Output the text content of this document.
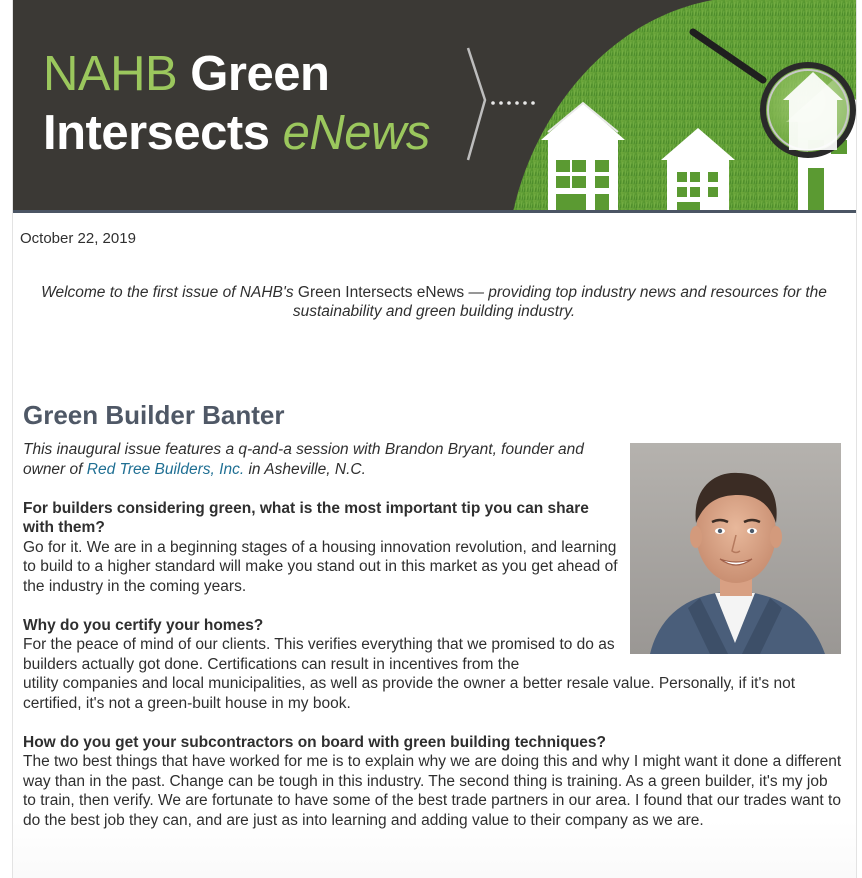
NAHB Green
Intersects eNews
October 22, 2019
Welcome to the first issue of NAHB's Green Intersects eNews — providing top industry news and resources for the sustainability and green building industry.
Green Builder Banter

This inaugural issue features a q-and-a session with Brandon Bryant, founder and owner of Red Tree Builders, Inc. in Asheville, N.C.

For builders considering green, what is the most important tip you can share with them?
Go for it. We are in a beginning stages of a housing innovation revolution, and learning to build to a higher standard will make you stand out in this market as you get ahead of the industry in the coming years.

Why do you certify your homes?
For the peace of mind of our clients. This verifies everything that we promised to do as builders actually got done. Certifications can result in incentives from the
utility companies and local municipalities, as well as provide the owner a better resale value. Personally, if it's not certified, it's not a green-built house in my book.

How do you get your subcontractors on board with green building techniques?
The two best things that have worked for me is to explain why we are doing this and why I might want it done a different way than in the past. Change can be tough in this industry. The second thing is training. As a green builder, it's my job to train, then verify. We are fortunate to have some of the best trade partners in our area. I found that our trades want to do the best job they can, and are just as into learning and adding value to their company as we are.
